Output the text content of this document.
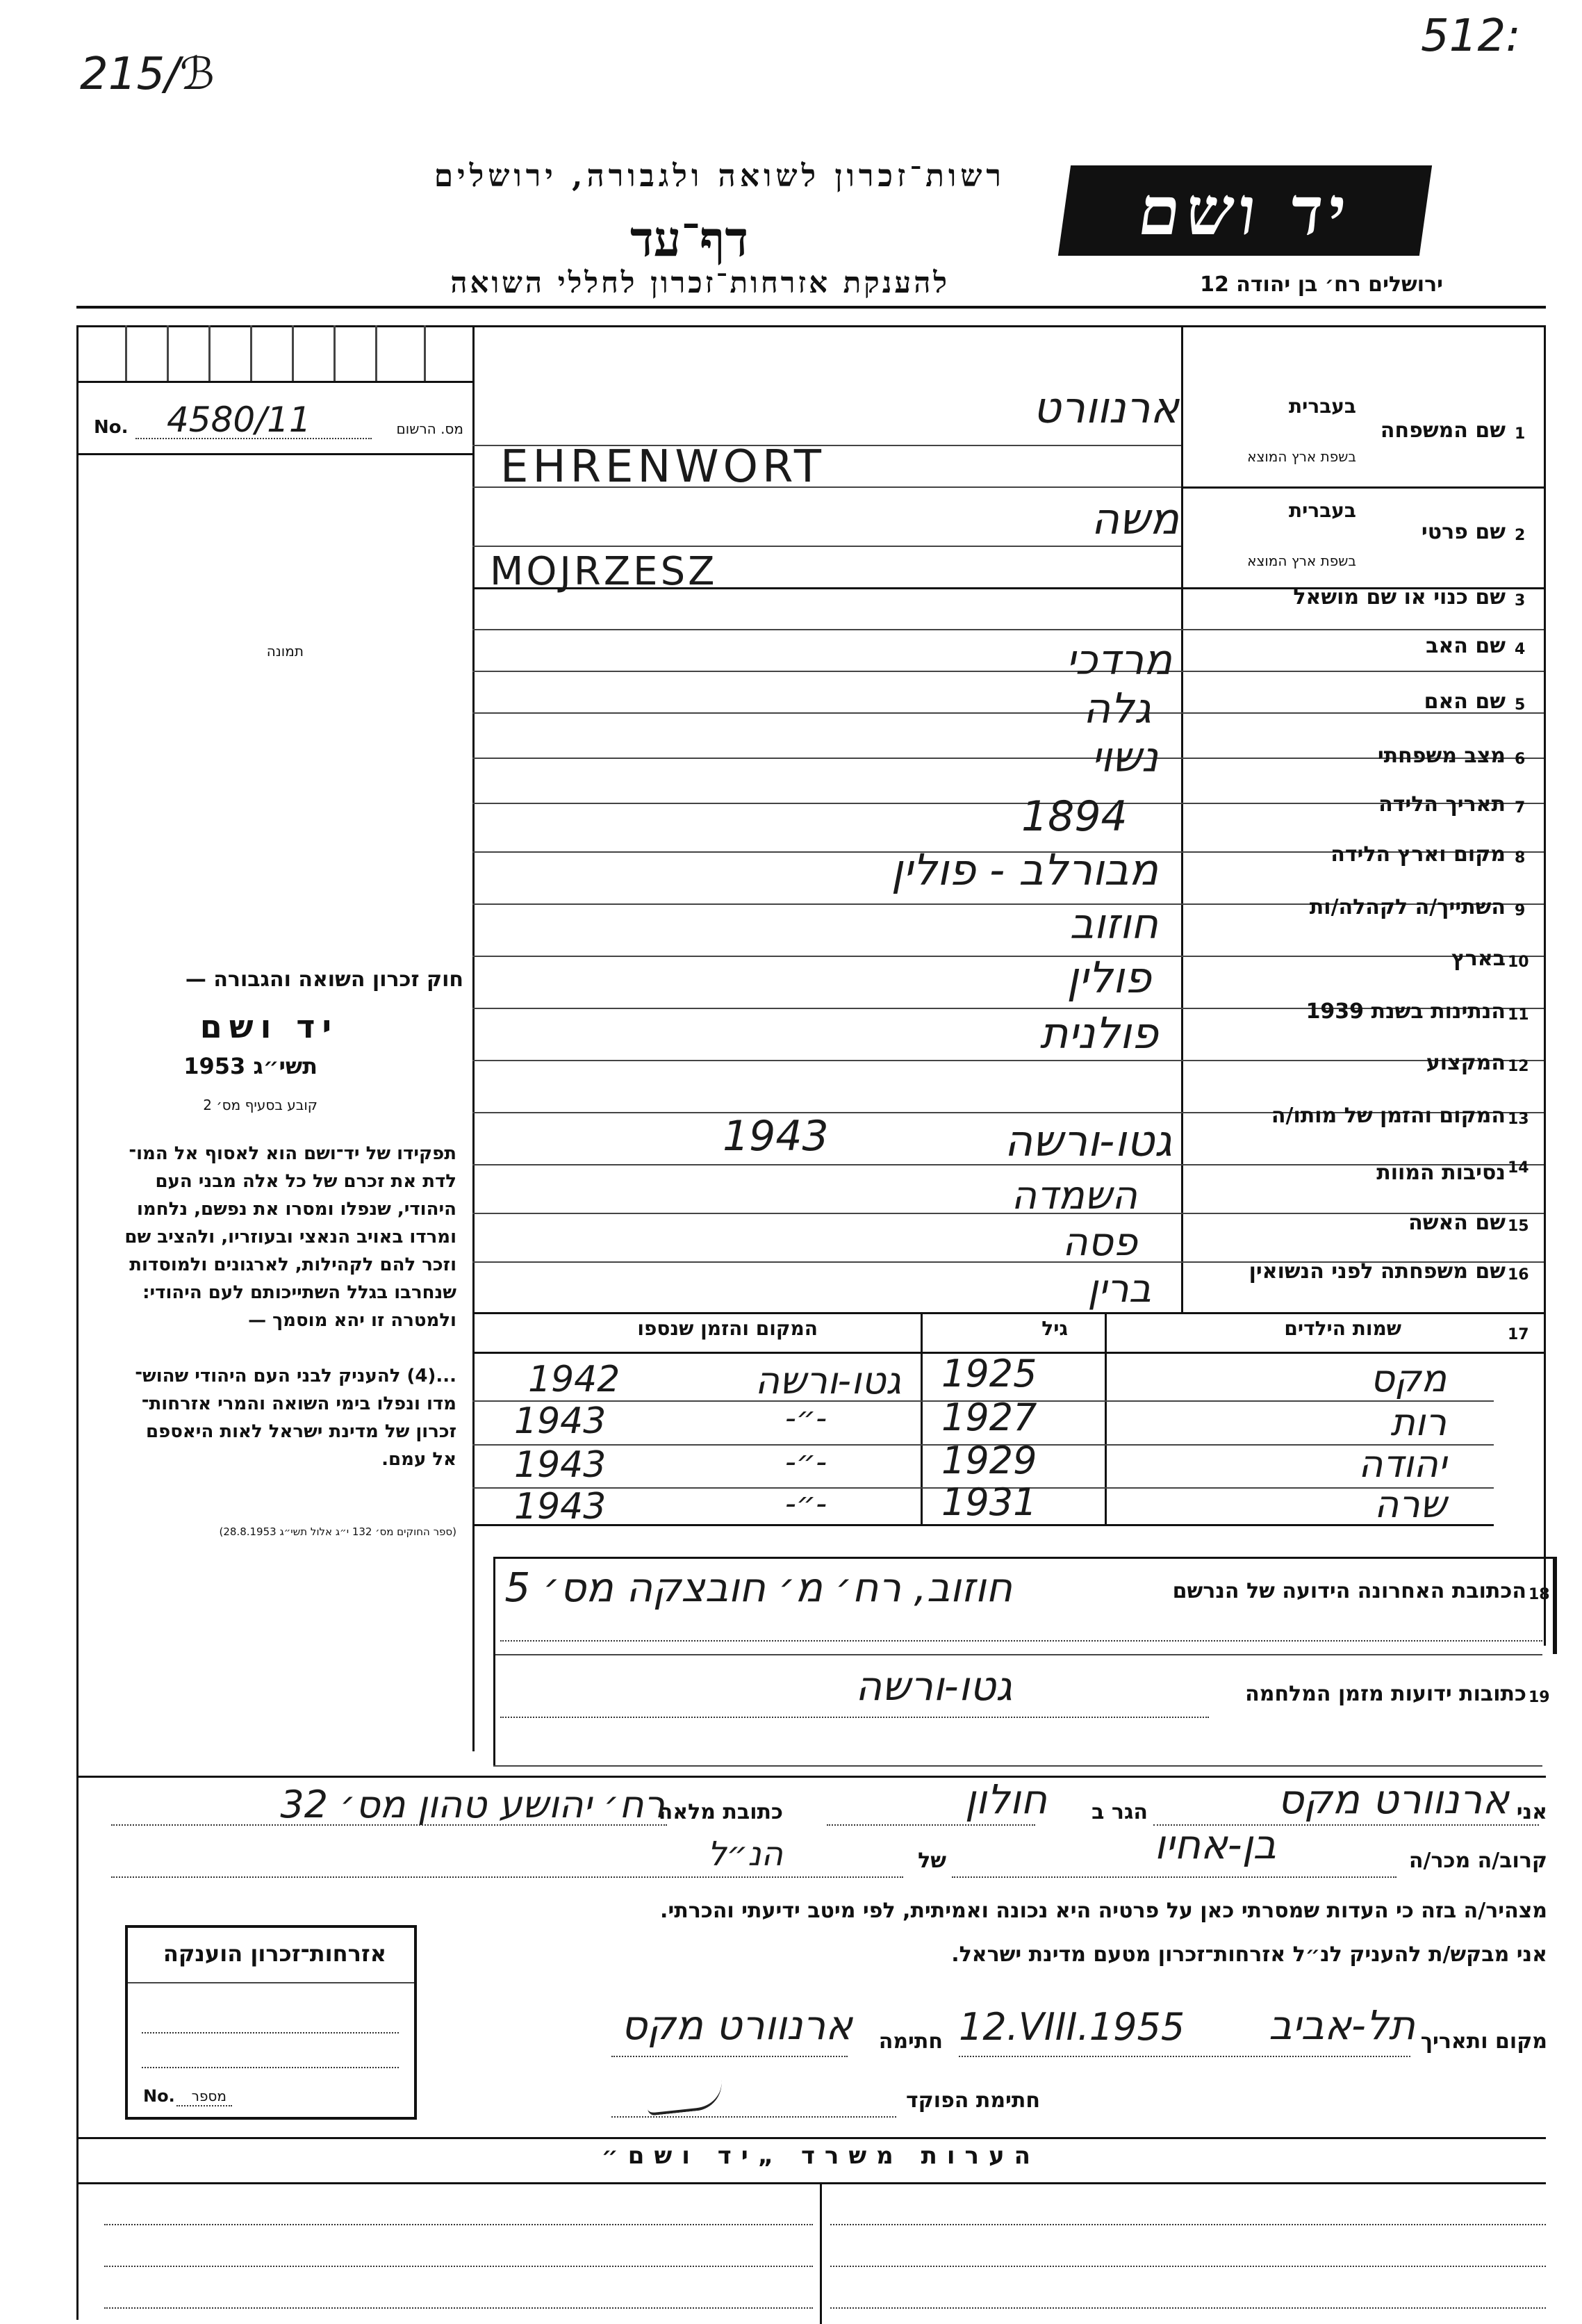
215/ℬ
512:
רשות־זכרון לשואה ולגבורה, ירושלים
דף־עד
להענקת אזרחות־זכרון לחללי השואה
יד ושם
ירושלים רח׳ בן יהודה 12
No. 4580/11	מס. הרשום
תמונה
חוק זכרון השואה והגבורה —
יד ושם
תשי״ג 1953
קובע בסעיף מס׳ 2
תפקידו של יד־ושם הוא לאסוף אל המו־
לדת את זכרם של כל אלה מבני העם
היהודי, שנפלו ומסרו את נפשם, נלחמו
ומרדו באויב הנאצי ובעוזריו, ולהציב שם
וזכר להם לקהילות, לארגונים ולמוסדות
שנחרבו בגלל השתייכותם לעם היהודי:
ולמטרה זו יהא מוסמך —
...(4) להעניק לבני העם היהודי שהוש־
מדו ונפלו בימי השואה והמרי אזרחות־
זכרון של מדינת ישראל לאות היאספם
אל עמם.
(ספר החוקים מס׳ 132 י״ג אלול תשי״ג 28.8.1953)
1
שם המשפחה
בעברית
בשפת ארץ המוצא
ארנוורט
EHRENWORT
2
שם פרטי
בעברית
בשפת ארץ המוצא
משה
MOJRZESZ
3
שם כנוי או שם מושאל
4
שם האב
מרדכי
5
שם האם
גלה
6
מצב משפחתי
נשוי
7
תאריך הלידה
1894
8
מקום וארץ הלידה
מבורלב - פולין
9
השתייך/ה לקהלה/ות
חוזוב
10
בארץ
פולין
11
הנתינות בשנת 1939
פולנית
12
המקצוע
13
המקום והזמן של מותו/ה
גטו-ורשה
1943
14
נסיבות המוות
השמדה
15
שם האשה
פסה
16
שם משפחתה לפני הנשואין
ברין
17
שמות הילדים
גיל
המקום והזמן שנספו
מקס
1925
גטו-ורשה
1942
רות
1927
-״-
1943
יהודה
1929
-״-
1943
שרה
1931
-״-
1943
18
הכתובת האחרונה הידועה של הנרשם
חוזוב, רח׳ מ׳ חובצקה מס׳ 5
19
כתובות ידועות מזמן המלחמה
גטו-ורשה
אני
ארנוורט מקס
הגר ב
חולון
כתובת מלאה
רח׳ יהושע טהון מס׳ 32
קרוב/ה מכר/ה
בן-אחיו
של
הנ״ל
מצהיר/ה בזה כי העדות שמסרתי כאן על פרטיה היא נכונה ואמיתית, לפי מיטב ידיעתי והכרתי.
אני מבקש/ת להעניק לנ״ל אזרחות־זכרון מטעם מדינת ישראל.
מקום ותאריך
תל-אביב
12.VIII.1955
חתימה
ארנוורט מקס
חתימת הפוקד
אזרחות־זכרון הוענקה
No. מספר
הערות משרד „יד ושם״
